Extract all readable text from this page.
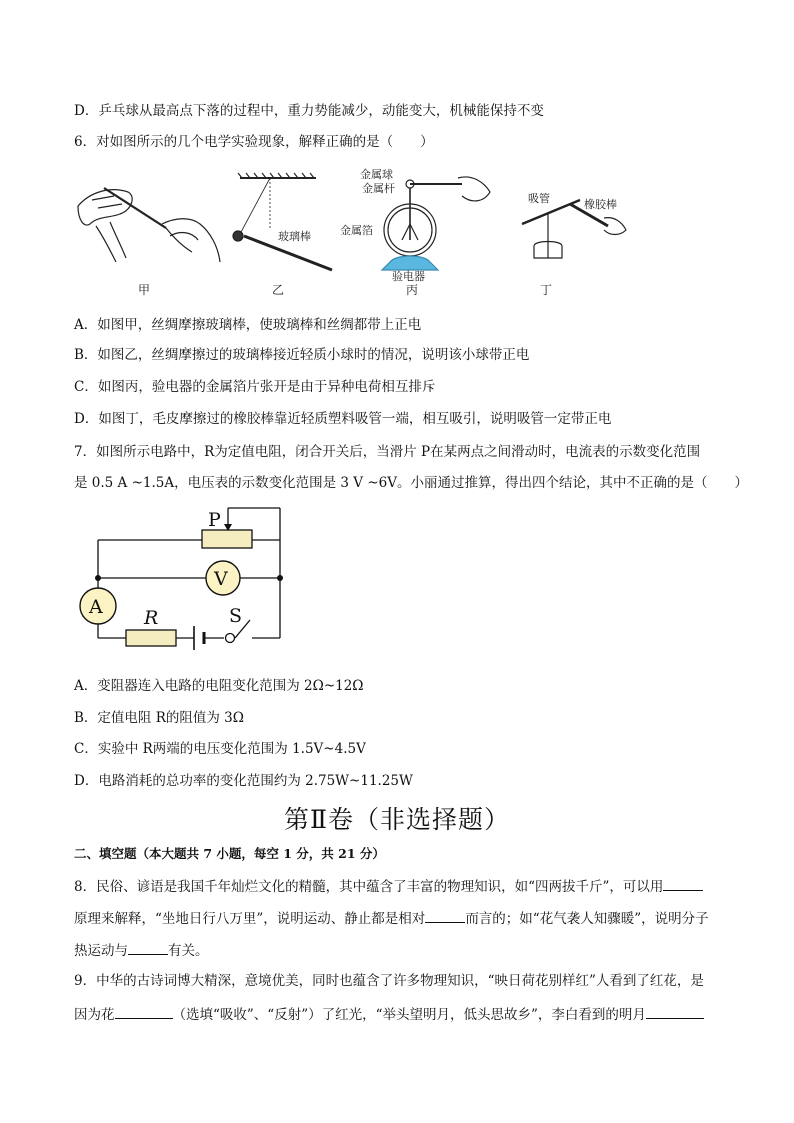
D．乒乓球从最高点下落的过程中，重力势能减少，动能变大，机械能保持不变
6．对如图所示的几个电学实验现象，解释正确的是（　　）
甲
玻璃棒
乙
金属球
金属杆
金属箔
验电器
丙
吸管	橡胶棒
丁
A．如图甲，丝绸摩擦玻璃棒，使玻璃棒和丝绸都带上正电
B．如图乙，丝绸摩擦过的玻璃棒接近轻质小球时的情况，说明该小球带正电
C．如图丙，验电器的金属箔片张开是由于异种电荷相互排斥
D．如图丁，毛皮摩擦过的橡胶棒靠近轻质塑料吸管一端，相互吸引，说明吸管一定带正电
7．如图所示电路中，R为定值电阻，闭合开关后，当滑片 P在某两点之间滑动时，电流表的示数变化范围
是 0.5 A ~1.5A，电压表的示数变化范围是 3 V ~6V。小丽通过推算，得出四个结论，其中不正确的是（　　）
P
V
A R	S
A．变阻器连入电路的电阻变化范围为 2Ω~12Ω
B．定值电阻 R的阻值为 3Ω
C．实验中 R两端的电压变化范围为 1.5V~4.5V
D．电路消耗的总功率的变化范围约为 2.75W~11.25W
第Ⅱ卷（非选择题）
二、填空题（本大题共 7 小题，每空 1 分，共 21 分）
8．民俗、谚语是我国千年灿烂文化的精髓，其中蕴含了丰富的物理知识，如“四两拔千斤”，可以用
原理来解释，“坐地日行八万里”，说明运动、静止都是相对	而言的；如“花气袭人知骤暖”，说明分子
热运动与	有关。
9．中华的古诗词博大精深，意境优美，同时也蕴含了许多物理知识，“映日荷花别样红”人看到了红花，是
因为花	（选填“吸收”、“反射”）了红光，“举头望明月，低头思故乡”，李白看到的明月
